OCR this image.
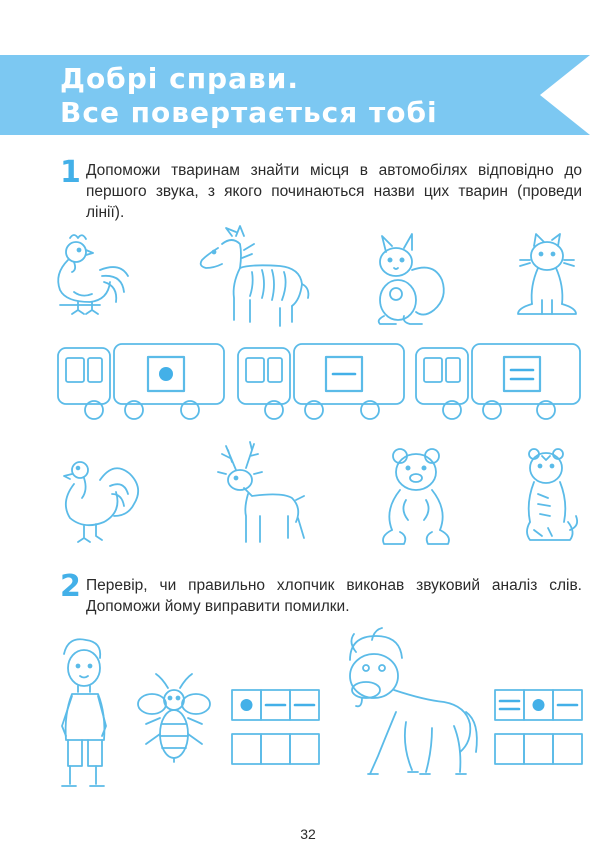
Добрі справи.
Все повертається тобі
1 Допоможи тваринам знайти місця в автомобілях відповідно до першого звука, з якого починаються назви цих тварин (проведи лінії).
2 Перевір, чи правильно хлопчик виконав звуковий аналіз слів. Допоможи йому виправити помилки.
32
